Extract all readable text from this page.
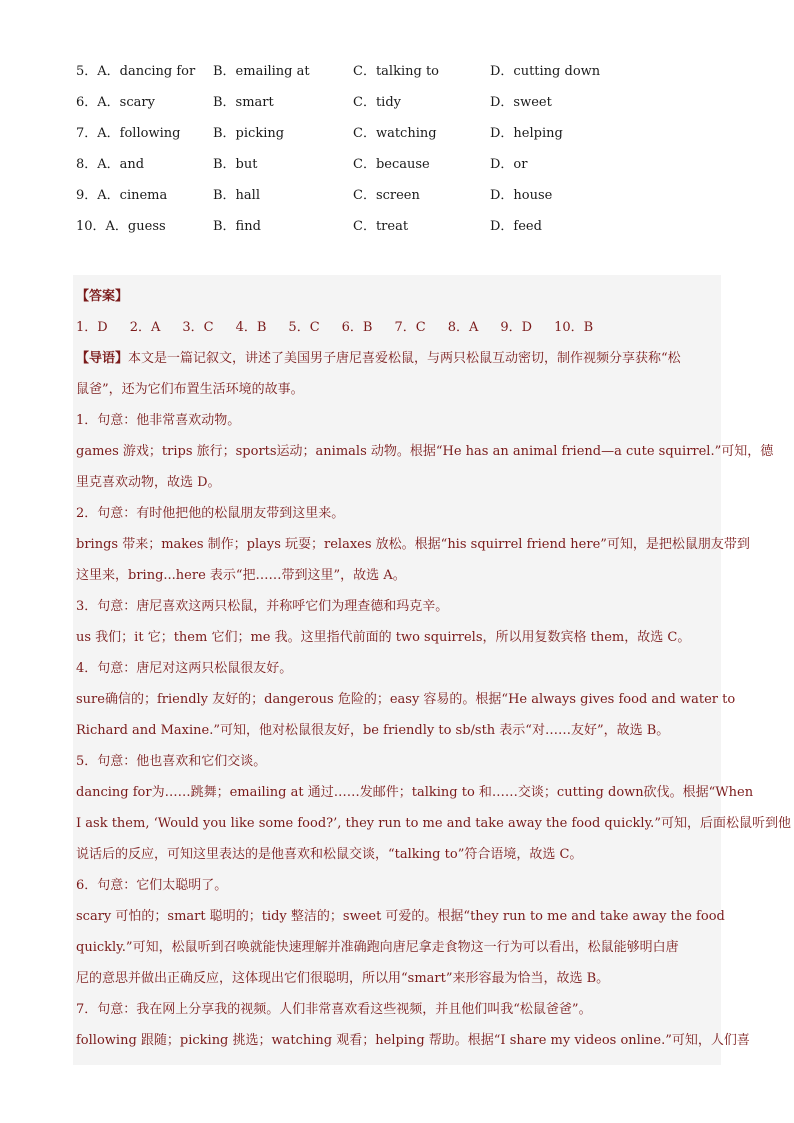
5．A．dancing for B．emailing at	C．talking to	D．cutting down
6．A．scary	B．smart	C．tidy	D．sweet
7．A．following	B．picking	C．watching	D．helping
8．A．and	B．but	C．because	D．or
9．A．cinema	B．hall	C．screen	D．house
10．A．guess	B．find	C．treat	D．feed
【答案】
1．D 2．A 3．C 4．B 5．C 6．B 7．C 8．A 9．D 10．B
【导语】本文是一篇记叙文，讲述了美国男子唐尼喜爱松鼠，与两只松鼠互动密切，制作视频分享获称“松
鼠爸”，还为它们布置生活环境的故事。
1．句意：他非常喜欢动物。
games 游戏；trips 旅行；sports运动；animals 动物。根据“He has an animal friend—a cute squirrel.”可知，德
里克喜欢动物，故选 D。
2．句意：有时他把他的松鼠朋友带到这里来。
brings 带来；makes 制作；plays 玩耍；relaxes 放松。根据“his squirrel friend here”可知，是把松鼠朋友带到
这里来，bring...here 表示“把……带到这里”，故选 A。
3．句意：唐尼喜欢这两只松鼠，并称呼它们为理查德和玛克辛。
us 我们；it 它；them 它们；me 我。这里指代前面的 two squirrels，所以用复数宾格 them，故选 C。
4．句意：唐尼对这两只松鼠很友好。
sure确信的；friendly 友好的；dangerous 危险的；easy 容易的。根据“He always gives food and water to
Richard and Maxine.”可知，他对松鼠很友好，be friendly to sb/sth 表示“对……友好”，故选 B。
5．句意：他也喜欢和它们交谈。
dancing for为……跳舞；emailing at 通过……发邮件；talking to 和……交谈；cutting down砍伐。根据“When
I ask them, ‘Would you like some food?’, they run to me and take away the food quickly.”可知，后面松鼠听到他
说话后的反应，可知这里表达的是他喜欢和松鼠交谈，“talking to”符合语境，故选 C。
6．句意：它们太聪明了。
scary 可怕的；smart 聪明的；tidy 整洁的；sweet 可爱的。根据“they run to me and take away the food
quickly.”可知，松鼠听到召唤就能快速理解并准确跑向唐尼拿走食物这一行为可以看出，松鼠能够明白唐
尼的意思并做出正确反应，这体现出它们很聪明，所以用“smart”来形容最为恰当，故选 B。
7．句意：我在网上分享我的视频。人们非常喜欢看这些视频，并且他们叫我“松鼠爸爸”。
following 跟随；picking 挑选；watching 观看；helping 帮助。根据“I share my videos online.”可知，人们喜
